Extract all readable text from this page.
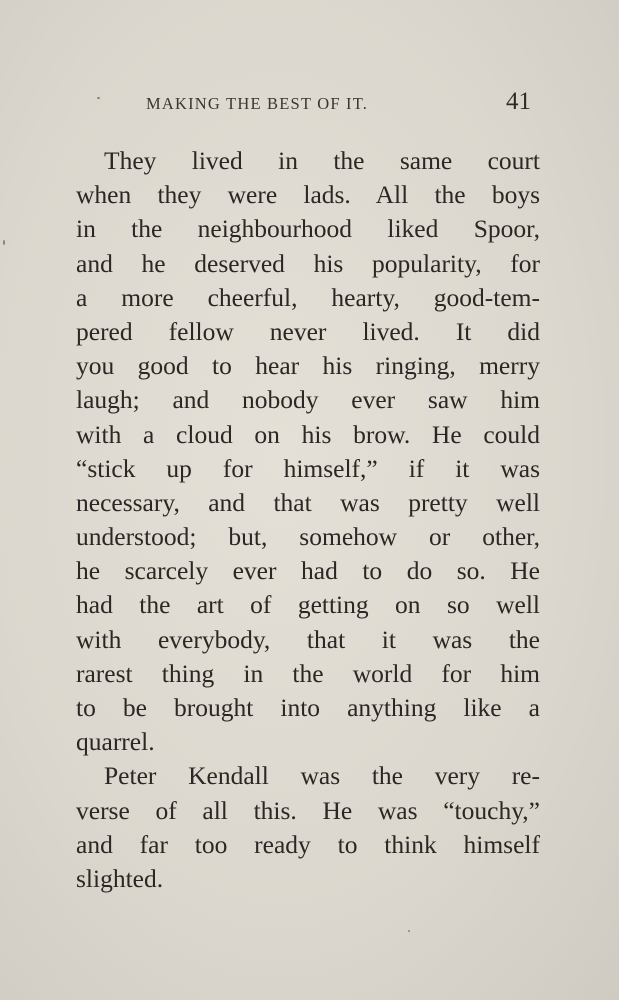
MAKING THE BEST OF IT.	41
They lived in the same court
when they were lads. All the boys
in the neighbourhood liked Spoor,
and he deserved his popularity, for
a more cheerful, hearty, good-tem-
pered fellow never lived. It did
you good to hear his ringing, merry
laugh; and nobody ever saw him
with a cloud on his brow. He could
“stick up for himself,” if it was
necessary, and that was pretty well
understood; but, somehow or other,
he scarcely ever had to do so. He
had the art of getting on so well
with everybody, that it was the
rarest thing in the world for him
to be brought into anything like a
quarrel.
Peter Kendall was the very re-
verse of all this. He was “touchy,”
and far too ready to think himself
slighted.
